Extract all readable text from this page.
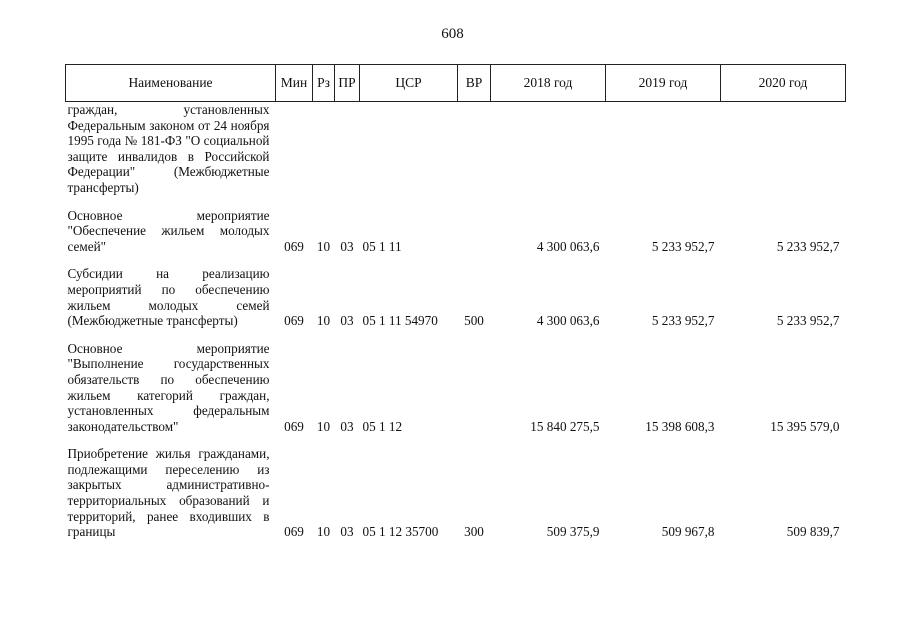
608
Наименование	Мин	Рз	ПР	ЦСР	ВР	2018 год	2019 год	2020 год
граждан, установленных Федеральным законом от 24 ноября 1995 года № 181-ФЗ "О социальной защите инвалидов в Российской Федерации" (Межбюджетные трансферты)								
Основное мероприятие "Обеспечение жильем молодых семей"	069	10	03	05 1 11		4 300 063,6	5 233 952,7	5 233 952,7
Субсидии на реализацию мероприятий по обеспечению жильем молодых семей (Межбюджетные трансферты)	069	10	03	05 1 11 54970	500	4 300 063,6	5 233 952,7	5 233 952,7
Основное мероприятие "Выполнение государственных обязательств по обеспечению жильем категорий граждан, установленных федеральным законодательством"	069	10	03	05 1 12		15 840 275,5	15 398 608,3	15 395 579,0
Приобретение жилья гражданами, подлежащими переселению из закрытых административно-территориальных образований и территорий, ранее входивших в границы	069	10	03	05 1 12 35700	300	509 375,9	509 967,8	509 839,7
